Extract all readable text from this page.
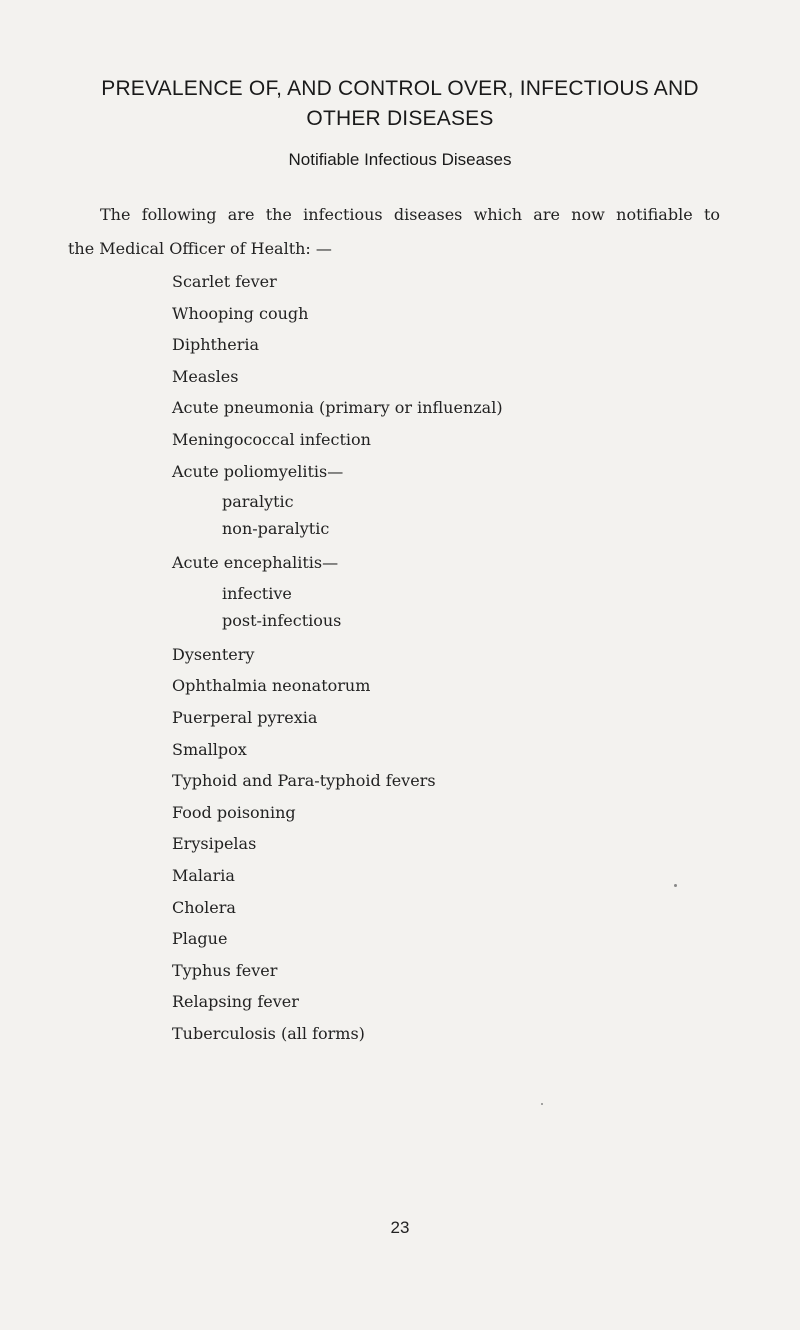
PREVALENCE OF, AND CONTROL OVER, INFECTIOUS AND
OTHER DISEASES
Notifiable Infectious Diseases

The following are the infectious diseases which are now notifiable to
the Medical Officer of Health: —

Scarlet fever
Whooping cough
Diphtheria
Measles
Acute pneumonia (primary or influenzal)
Meningococcal infection
Acute poliomyelitis—
paralytic
non-paralytic
Acute encephalitis—
infective
post-infectious
Dysentery
Ophthalmia neonatorum
Puerperal pyrexia
Smallpox
Typhoid and Para-typhoid fevers
Food poisoning
Erysipelas
Malaria
Cholera
Plague
Typhus fever
Relapsing fever
Tuberculosis (all forms)
23
